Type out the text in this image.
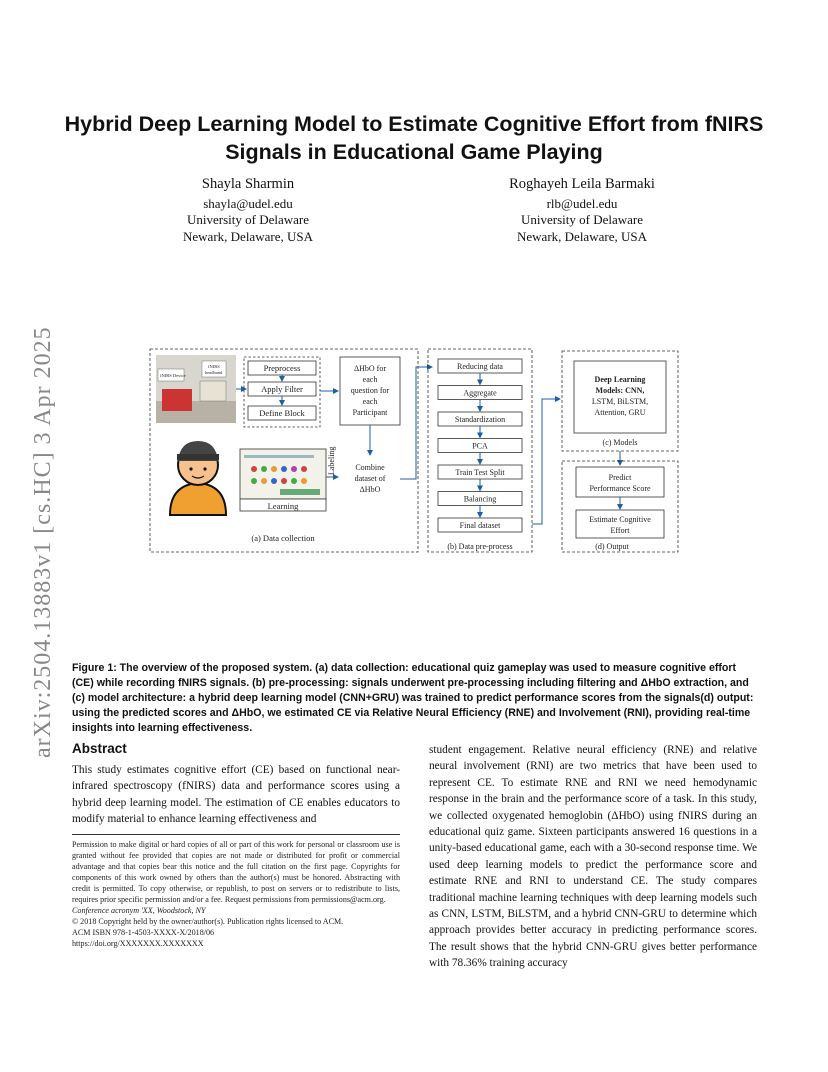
arXiv:2504.13883v1 [cs.HC] 3 Apr 2025
Hybrid Deep Learning Model to Estimate Cognitive Effort from fNIRS Signals in Educational Game Playing
Shayla Sharmin
shayla@udel.edu
University of Delaware
Newark, Delaware, USA
Roghayeh Leila Barmaki
rlb@udel.edu
University of Delaware
Newark, Delaware, USA
fNIRS Device
fNIRS
headband
Learning
Preprocess
Apply Filter
Define Block
ΔHbO for
each
question for
each
Participant
Labeling Combine
dataset of
ΔHbO
(a) Data collection
Reducing data
Aggregate
Standardization
PCA
Train Test Split
Balancing
Final dataset
(b) Data pre-process
Deep Learning
Models: CNN,
LSTM, BiLSTM,
Attention, GRU
(c) Models
Predict
Performance Score
Estimate Cognitive
Effort
(d) Output
Figure 1: The overview of the proposed system. (a) data collection: educational quiz gameplay was used to measure cognitive effort (CE) while recording fNIRS signals. (b) pre-processing: signals underwent pre-processing including filtering and ΔHbO extraction, and (c) model architecture: a hybrid deep learning model (CNN+GRU) was trained to predict performance scores from the signals(d) output: using the predicted scores and ΔHbO, we estimated CE via Relative Neural Efficiency (RNE) and Involvement (RNI), providing real-time insights into learning effectiveness.
Abstract
This study estimates cognitive effort (CE) based on functional near-infrared spectroscopy (fNIRS) data and performance scores using a hybrid deep learning model. The estimation of CE enables educators to modify material to enhance learning effectiveness and
student engagement. Relative neural efficiency (RNE) and relative neural involvement (RNI) are two metrics that have been used to represent CE. To estimate RNE and RNI we need hemodynamic response in the brain and the performance score of a task. In this study, we collected oxygenated hemoglobin (ΔHbO) using fNIRS during an educational quiz game. Sixteen participants answered 16 questions in a unity-based educational game, each with a 30-second response time. We used deep learning models to predict the performance score and estimate RNE and RNI to understand CE. The study compares traditional machine learning techniques with deep learning models such as CNN, LSTM, BiLSTM, and a hybrid CNN-GRU to determine which approach provides better accuracy in predicting performance scores. The result shows that the hybrid CNN-GRU gives better performance with 78.36% training accuracy

Permission to make digital or hard copies of all or part of this work for personal or classroom use is granted without fee provided that copies are not made or distributed for profit or commercial advantage and that copies bear this notice and the full citation on the first page. Copyrights for components of this work owned by others than the author(s) must be honored. Abstracting with credit is permitted. To copy otherwise, or republish, to post on servers or to redistribute to lists, requires prior specific permission and/or a fee. Request permissions from permissions@acm.org.

Conference acronym 'XX, Woodstock, NY

© 2018 Copyright held by the owner/author(s). Publication rights licensed to ACM.

ACM ISBN 978-1-4503-XXXX-X/2018/06

https://doi.org/XXXXXXX.XXXXXXX
